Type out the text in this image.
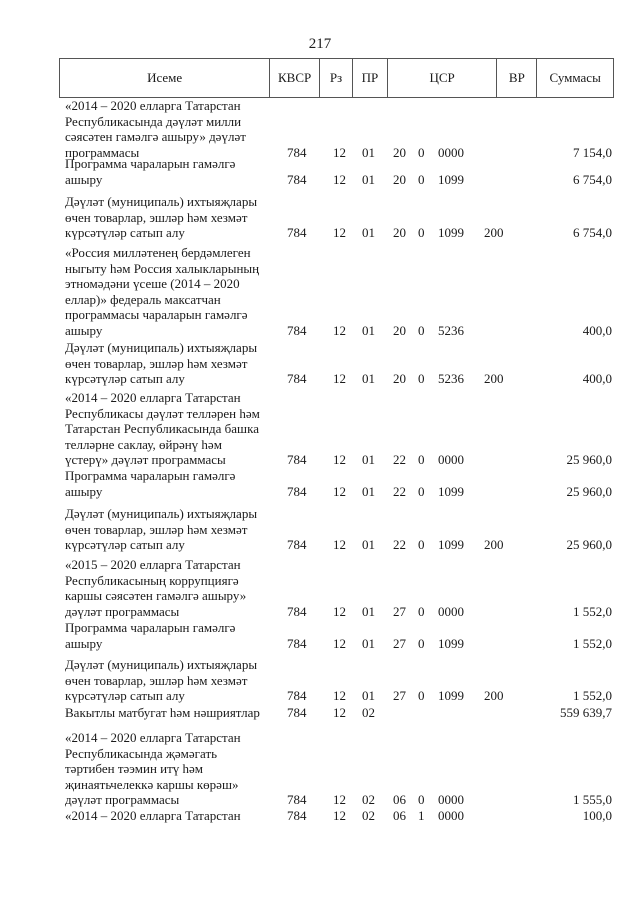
217
Исеме	КВСР	Рз	ПР	ЦСР	ВР	Суммасы
«2014 – 2020 елларга Татарстан
Республикасында дәүләт милли
сәясәтен гамәлгә ашыру» дәүләт
программасы	784 12 01 20 0 0000	7 154,0
Программа чараларын гамәлгә
ашыру	784 12 01 20 0 1099	6 754,0
Дәүләт (муниципаль) ихтыяҗлары
өчен товарлар, эшләр һәм хезмәт
күрсәтүләр сатып алу	784 12 01 20 0 1099 200	6 754,0
«Россия милләтенең бердәмлеген
ныгыту һәм Россия халыкларының
этномәдәни үсеше (2014 – 2020
еллар)» федераль максатчан
программасы чараларын гамәлгә
ашыру	784 12 01 20 0 5236	400,0
Дәүләт (муниципаль) ихтыяҗлары
өчен товарлар, эшләр һәм хезмәт
күрсәтүләр сатып алу	784 12 01 20 0 5236 200	400,0
«2014 – 2020 елларга Татарстан
Республикасы дәүләт телләрен һәм
Татарстан Республикасында башка
телләрне саклау, өйрәнү һәм
үстерү» дәүләт программасы	784 12 01 22 0 0000	25 960,0
Программа чараларын гамәлгә
ашыру	784 12 01 22 0 1099	25 960,0
Дәүләт (муниципаль) ихтыяҗлары
өчен товарлар, эшләр һәм хезмәт
күрсәтүләр сатып алу	784 12 01 22 0 1099 200	25 960,0
«2015 – 2020 елларга Татарстан
Республикасының коррупциягә
каршы сәясәтен гамәлгә ашыру»
дәүләт программасы	784 12 01 27 0 0000	1 552,0
Программа чараларын гамәлгә
ашыру	784 12 01 27 0 1099	1 552,0
Дәүләт (муниципаль) ихтыяҗлары
өчен товарлар, эшләр һәм хезмәт
күрсәтүләр сатып алу	784 12 01 27 0 1099 200	1 552,0
Вакытлы матбугат һәм нәшриятлар	784 12 02	559 639,7
«2014 – 2020 елларга Татарстан
Республикасында җәмәгать
тәртибен тәэмин итү һәм
җинаятьчелеккә каршы көрәш»
дәүләт программасы	784 12 02 06 0 0000	1 555,0
«2014 – 2020 елларга Татарстан	784 12 02 06 1 0000	100,0
